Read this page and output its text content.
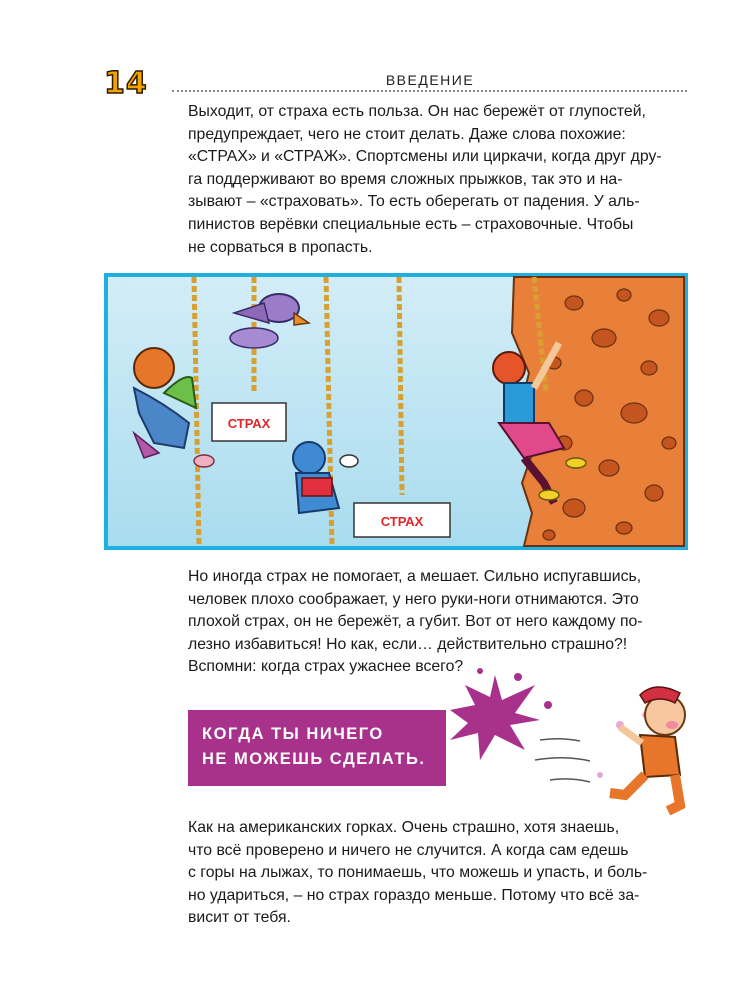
14	ВВЕДЕНИЕ

Выходит, от страха есть польза. Он нас бережёт от глупостей,
предупреждает, чего не стоит делать. Даже слова похожие:
«СТРАХ» и «СТРАЖ». Спортсмены или циркачи, когда друг дру-
га поддерживают во время сложных прыжков, так это и на-
зывают – «страховать». То есть оберегать от падения. У аль-
пинистов верёвки специальные есть – страховочные. Чтобы
не сорваться в пропасть.

СТРАХ
СТРАХ

Но иногда страх не помогает, а мешает. Сильно испугавшись,
человек плохо соображает, у него руки-ноги отнимаются. Это
плохой страх, он не бережёт, а губит. Вот от него каждому по-
лезно избавиться! Но как, если… действительно страшно?!
Вспомни: когда страх ужаснее всего?

КОГДА ТЫ НИЧЕГО
НЕ МОЖЕШЬ СДЕЛАТЬ.

Как на американских горках. Очень страшно, хотя знаешь,
что всё проверено и ничего не случится. А когда сам едешь
с горы на лыжах, то понимаешь, что можешь и упасть, и боль-
но удариться, – но страх гораздо меньше. Потому что всё за-
висит от тебя.
